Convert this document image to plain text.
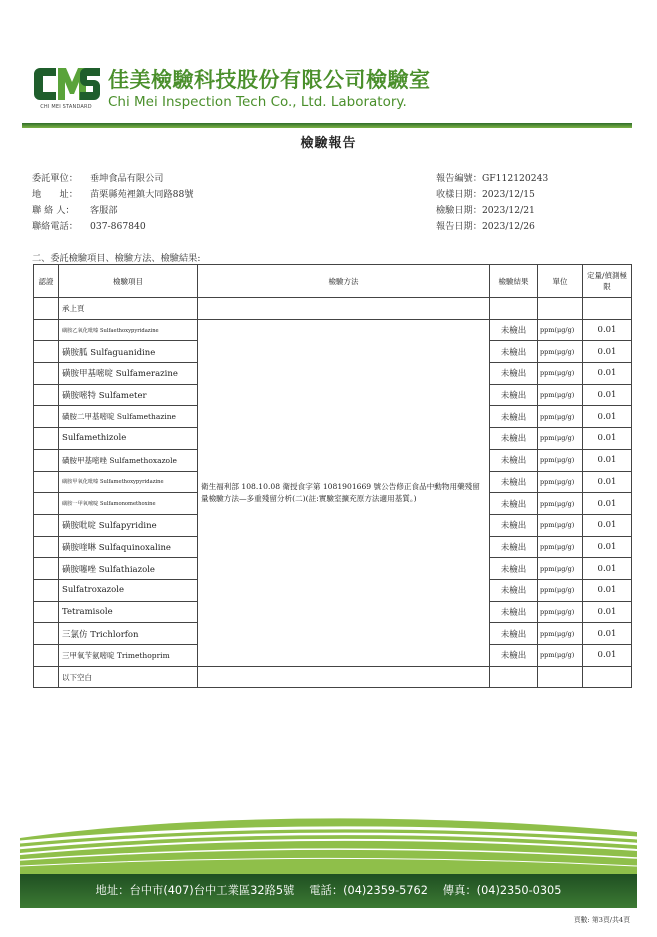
CHI MEI STANDARD
佳美檢驗科技股份有限公司檢驗室
Chi Mei Inspection Tech Co., Ltd. Laboratory.
檢驗報告
委託單位： 垂坤食品有限公司
地　　址： 苗栗縣苑裡鎮大同路88號
聯 絡 人： 客服部
聯絡電話： 037-867840
報告編號：GF112120243
收樣日期：2023/12/15
檢驗日期：2023/12/21
報告日期：2023/12/26
二、委託檢驗項目、檢驗方法、檢驗結果:
認證	檢驗項目	檢驗方法	檢驗結果	單位	定量/偵測極限
	承上頁				
	磺胺乙氧化吡嗪 Sulfaethoxypyridazine	衛生福利部 108.10.08 衛授食字第 1081901669 號公告修正食品中動物用藥殘留量檢驗方法—多重殘留分析(二)(註:實驗室擴充原方法適用基質。)	未檢出	ppm(μg/g)	0.01
	磺胺胍 Sulfaguanidine		未檢出	ppm(μg/g)	0.01
	磺胺甲基嘧啶 Sulfamerazine		未檢出	ppm(μg/g)	0.01
	磺胺嘧特 Sulfameter		未檢出	ppm(μg/g)	0.01
	磺胺二甲基嘧啶 Sulfamethazine		未檢出	ppm(μg/g)	0.01
	Sulfamethizole		未檢出	ppm(μg/g)	0.01
	磺胺甲基嘧唑 Sulfamethoxazole		未檢出	ppm(μg/g)	0.01
	磺胺甲氧化吡嗪 Sulfamethoxypyridazine		未檢出	ppm(μg/g)	0.01
	磺胺一甲氧嘧啶 Sulfamonomethoxine		未檢出	ppm(μg/g)	0.01
	磺胺吡啶 Sulfapyridine		未檢出	ppm(μg/g)	0.01
	磺胺喹啉 Sulfaquinoxaline		未檢出	ppm(μg/g)	0.01
	磺胺噻唑 Sulfathiazole		未檢出	ppm(μg/g)	0.01
	Sulfatroxazole		未檢出	ppm(μg/g)	0.01
	Tetramisole		未檢出	ppm(μg/g)	0.01
	三氯仿 Trichlorfon		未檢出	ppm(μg/g)	0.01
	三甲氧苄氨嘧啶 Trimethoprim		未檢出	ppm(μg/g)	0.01
	以下空白				
地址：台中市(407)台中工業區32路5號　 電話：(04)2359-5762 　傳真：(04)2350-0305
頁數: 第3頁/共4頁
